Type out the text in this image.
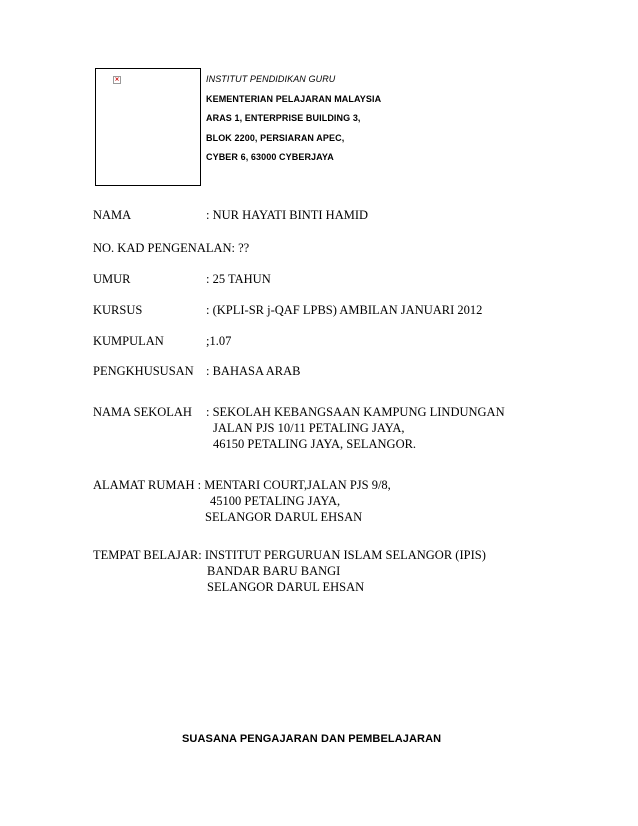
×	INSTITUT PENDIDIKAN GURU
KEMENTERIAN PELAJARAN MALAYSIA
ARAS 1, ENTERPRISE BUILDING 3,
BLOK 2200, PERSIARAN APEC,
CYBER 6, 63000 CYBERJAYA
NAMA	: NUR HAYATI BINTI HAMID
NO. KAD PENGENALAN: ??
UMUR	: 25 TAHUN
KURSUS	: (KPLI-SR j-QAF LPBS) AMBILAN JANUARI 2012
KUMPULAN	;1.07
PENGKHUSUSAN : BAHASA ARAB
NAMA SEKOLAH : SEKOLAH KEBANGSAAN KAMPUNG LINDUNGAN
JALAN PJS 10/11 PETALING JAYA,
46150 PETALING JAYA, SELANGOR.
ALAMAT RUMAH : MENTARI COURT,JALAN PJS 9/8,
45100 PETALING JAYA,
SELANGOR DARUL EHSAN
TEMPAT BELAJAR: INSTITUT PERGURUAN ISLAM SELANGOR (IPIS)
BANDAR BARU BANGI
SELANGOR DARUL EHSAN
SUASANA PENGAJARAN DAN PEMBELAJARAN
